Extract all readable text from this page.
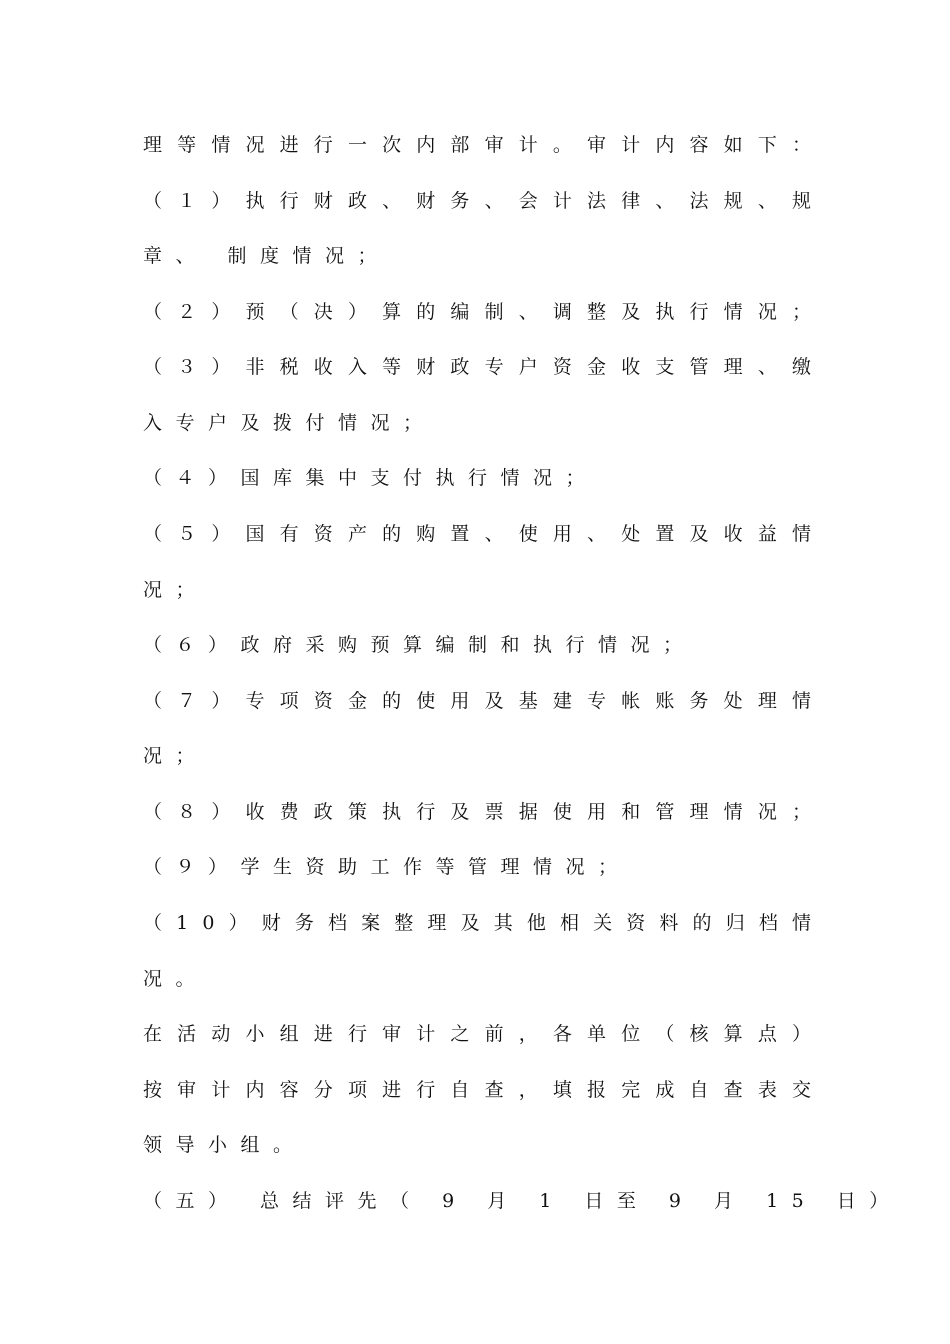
理 等 情 况 进 行 一 次 内 部 审 计 。 审 计 内 容 如 下 ：
（ １ ） 执 行 财 政 、 财 务 、 会 计 法 律 、 法 规 、 规
章、 制度情况；
（ ２ ） 预 （ 决 ） 算 的 编 制 、 调 整 及 执 行 情 况 ；
（ ３ ） 非 税 收 入 等 财 政 专 户 资 金 收 支 管 理 、 缴
入专户及拨付情况；
（４）国库集中支付执行情况；
（ ５ ） 国 有 资 产 的 购 置 、 使 用 、 处 置 及 收 益 情
况；
（６）政府采购预算编制和执行情况；
（ ７ ） 专 项 资 金 的 使 用 及 基 建 专 帐 账 务 处 理 情
况；
（ ８ ） 收 费 政 策 执 行 及 票 据 使 用 和 管 理 情 况 ；
（９）学生资助工作等管理情况；
（ 1 0 ） 财 务 档 案 整 理 及 其 他 相 关 资 料 的 归 档 情
况。
在 活 动 小 组 进 行 审 计 之 前 ， 各 单 位 （ 核 算 点 ）
按 审 计 内 容 分 项 进 行 自 查 ， 填 报 完 成 自 查 表 交
领导小组。
（五） 总结评先（ 9 月 1 日至 9 月 15 日）
